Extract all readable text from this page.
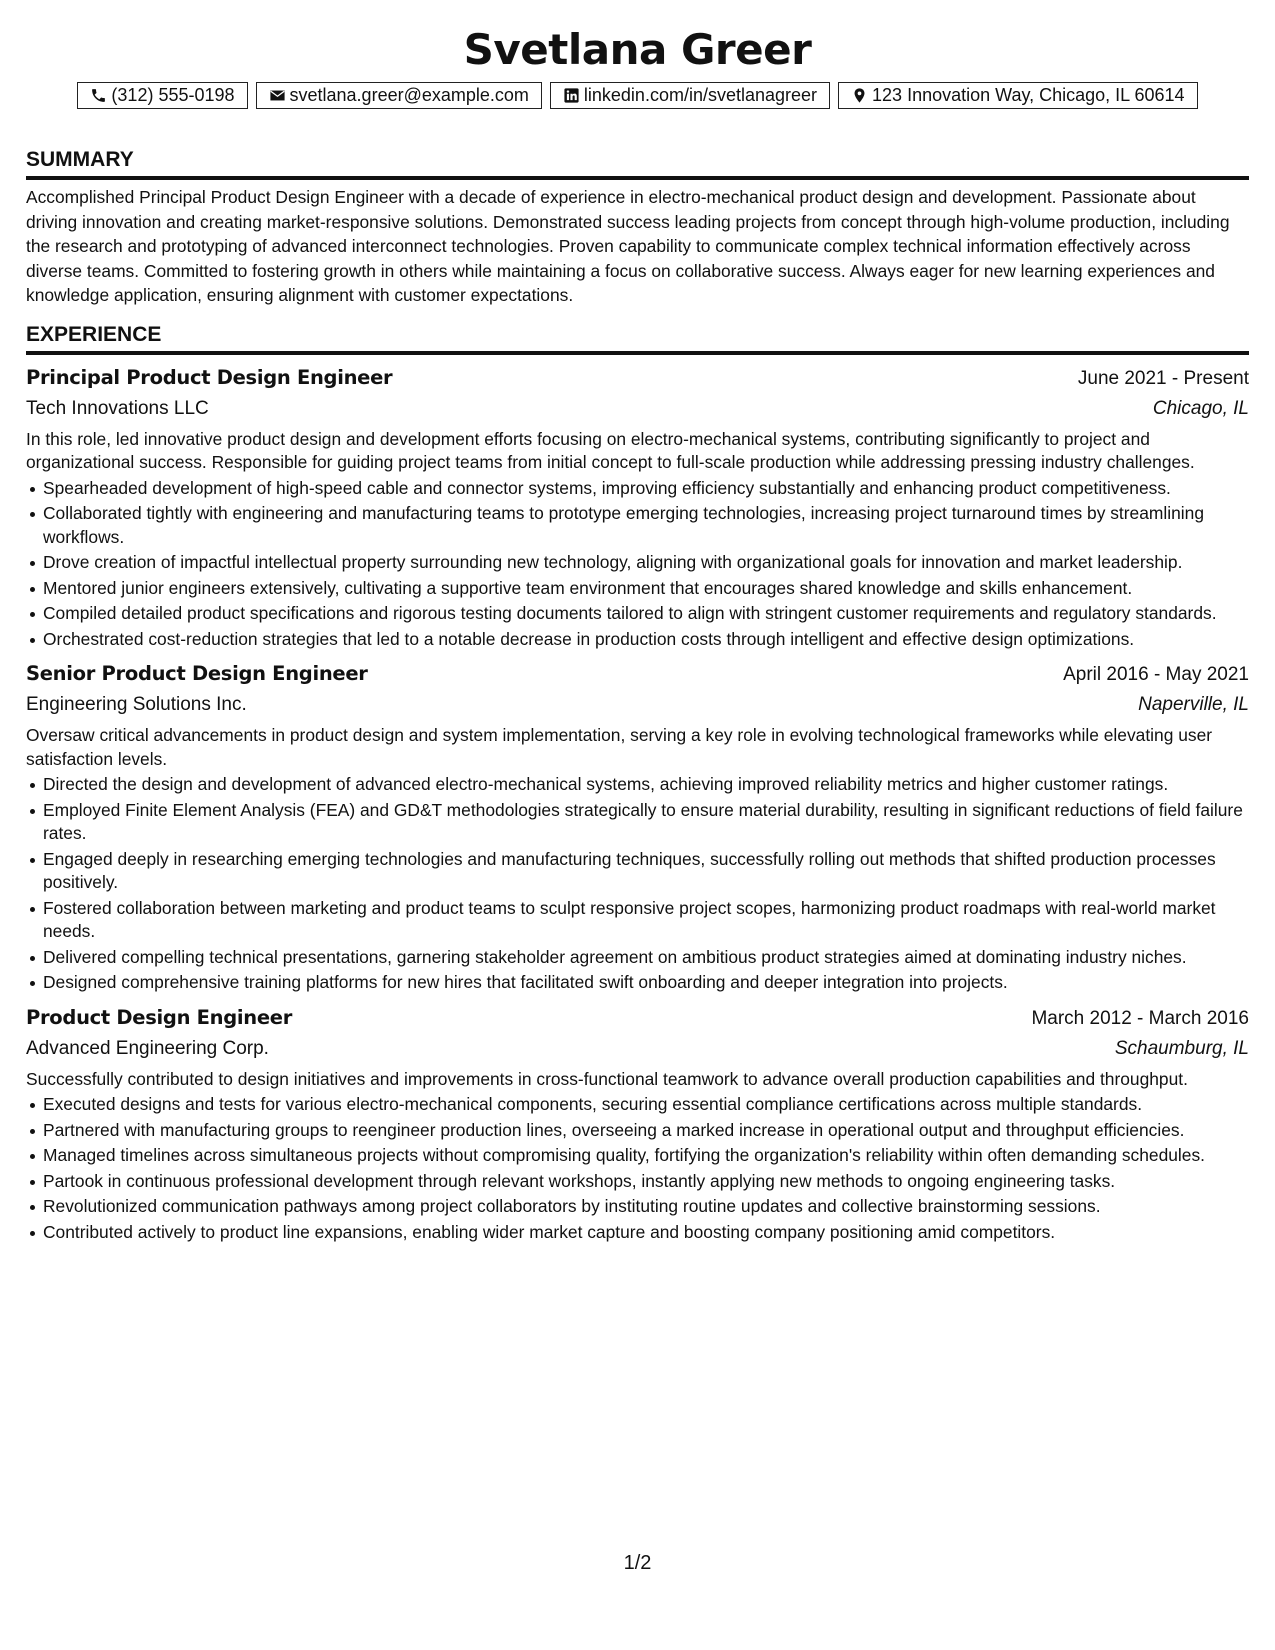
Svetlana Greer
(312) 555-0198	svetlana.greer@example.com	linkedin.com/in/svetlanagreer	123 Innovation Way, Chicago, IL 60614
SUMMARY

Accomplished Principal Product Design Engineer with a decade of experience in electro-mechanical product design and development. Passionate about driving innovation and creating market-responsive solutions. Demonstrated success leading projects from concept through high-volume production, including the research and prototyping of advanced interconnect technologies. Proven capability to communicate complex technical information effectively across diverse teams. Committed to fostering growth in others while maintaining a focus on collaborative success. Always eager for new learning experiences and knowledge application, ensuring alignment with customer expectations.

EXPERIENCE
Principal Product Design Engineer	June 2021 - Present
Tech Innovations LLC	Chicago, IL

In this role, led innovative product design and development efforts focusing on electro-mechanical systems, contributing significantly to project and organizational success. Responsible for guiding project teams from initial concept to full-scale production while addressing pressing industry challenges.

Spearheaded development of high-speed cable and connector systems, improving efficiency substantially and enhancing product competitiveness.
Collaborated tightly with engineering and manufacturing teams to prototype emerging technologies, increasing project turnaround times by streamlining workflows.
Drove creation of impactful intellectual property surrounding new technology, aligning with organizational goals for innovation and market leadership.
Mentored junior engineers extensively, cultivating a supportive team environment that encourages shared knowledge and skills enhancement.
Compiled detailed product specifications and rigorous testing documents tailored to align with stringent customer requirements and regulatory standards.
Orchestrated cost-reduction strategies that led to a notable decrease in production costs through intelligent and effective design optimizations.
Senior Product Design Engineer	April 2016 - May 2021
Engineering Solutions Inc.	Naperville, IL

Oversaw critical advancements in product design and system implementation, serving a key role in evolving technological frameworks while elevating user satisfaction levels.

Directed the design and development of advanced electro-mechanical systems, achieving improved reliability metrics and higher customer ratings.
Employed Finite Element Analysis (FEA) and GD&T methodologies strategically to ensure material durability, resulting in significant reductions of field failure rates.
Engaged deeply in researching emerging technologies and manufacturing techniques, successfully rolling out methods that shifted production processes positively.
Fostered collaboration between marketing and product teams to sculpt responsive project scopes, harmonizing product roadmaps with real-world market needs.
Delivered compelling technical presentations, garnering stakeholder agreement on ambitious product strategies aimed at dominating industry niches.
Designed comprehensive training platforms for new hires that facilitated swift onboarding and deeper integration into projects.
Product Design Engineer	March 2012 - March 2016
Advanced Engineering Corp.	Schaumburg, IL

Successfully contributed to design initiatives and improvements in cross-functional teamwork to advance overall production capabilities and throughput.

Executed designs and tests for various electro-mechanical components, securing essential compliance certifications across multiple standards.
Partnered with manufacturing groups to reengineer production lines, overseeing a marked increase in operational output and throughput efficiencies.
Managed timelines across simultaneous projects without compromising quality, fortifying the organization's reliability within often demanding schedules.
Partook in continuous professional development through relevant workshops, instantly applying new methods to ongoing engineering tasks.
Revolutionized communication pathways among project collaborators by instituting routine updates and collective brainstorming sessions.
Contributed actively to product line expansions, enabling wider market capture and boosting company positioning amid competitors.
1/2
